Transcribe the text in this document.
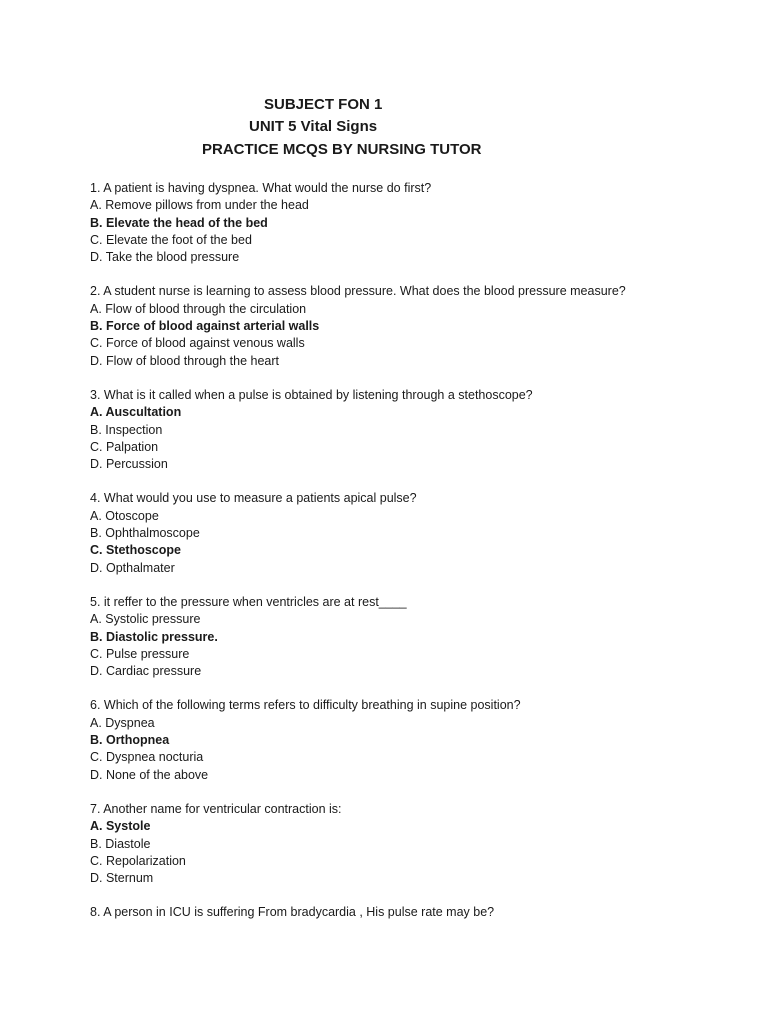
SUBJECT FON 1
UNIT 5 Vital Signs
PRACTICE MCQS BY NURSING TUTOR
1. A patient is having dyspnea. What would the nurse do first?
A. Remove pillows from under the head
B. Elevate the head of the bed
C. Elevate the foot of the bed
D. Take the blood pressure
2. A student nurse is learning to assess blood pressure. What does the blood pressure measure?
A. Flow of blood through the circulation
B. Force of blood against arterial walls
C. Force of blood against venous walls
D. Flow of blood through the heart
3. What is it called when a pulse is obtained by listening through a stethoscope?
A. Auscultation
B. Inspection
C. Palpation
D. Percussion
4. What would you use to measure a patients apical pulse?
A. Otoscope
B. Ophthalmoscope
C. Stethoscope
D. Opthalmater
5. it reffer to the pressure when ventricles are at rest____
A. Systolic pressure
B. Diastolic pressure.
C. Pulse pressure
D. Cardiac pressure
6. Which of the following terms refers to difficulty breathing in supine position?
A. Dyspnea
B. Orthopnea
C. Dyspnea nocturia
D. None of the above
7. Another name for ventricular contraction is:
A. Systole
B. Diastole
C. Repolarization
D. Sternum
8. A person in ICU is suffering From bradycardia , His pulse rate may be?
